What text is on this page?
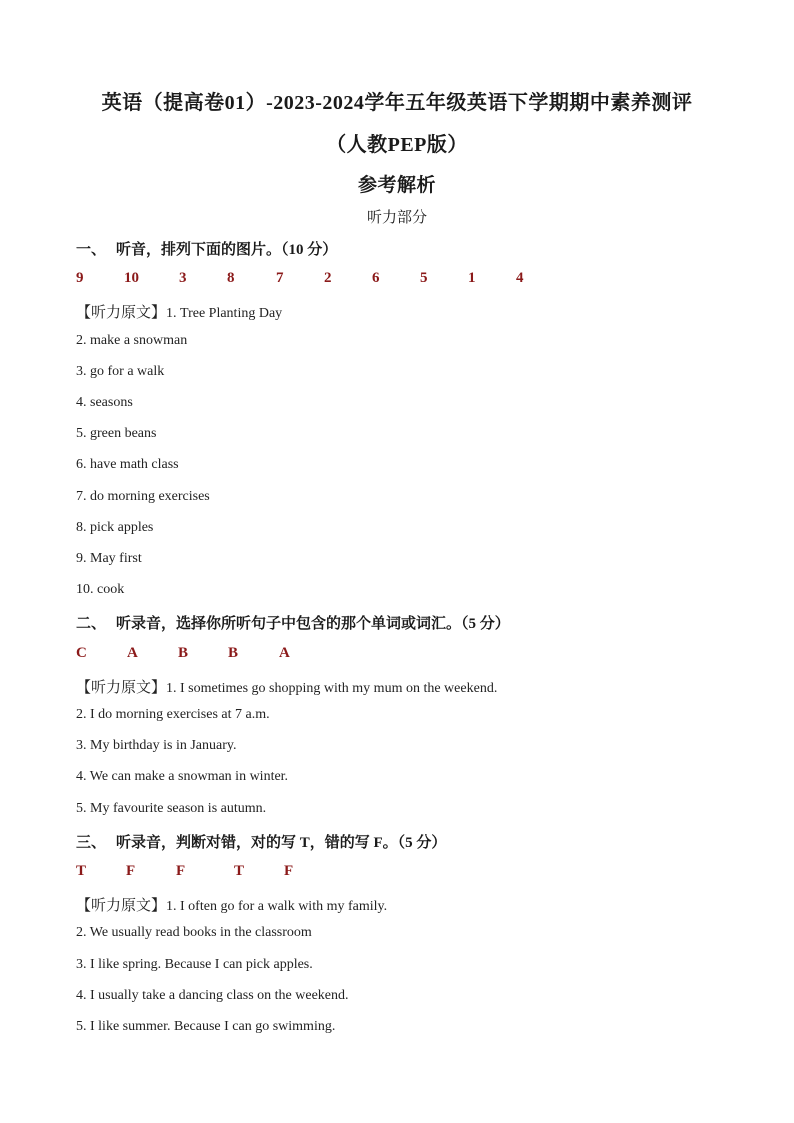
英语（提高卷01）-2023-2024学年五年级英语下学期期中素养测评
（人教PEP版）
参考解析
听力部分
一、 听音，排列下面的图片。（10 分）
9	10	3	8	7	2	6	5	1	4
【听力原文】1. Tree Planting Day
2. make a snowman
3. go for a walk
4. seasons
5. green beans
6. have math class
7. do morning exercises
8. pick apples
9. May first
10. cook
二、 听录音，选择你所听句子中包含的那个单词或词汇。（5 分）
C	A	B	B	A
【听力原文】1. I sometimes go shopping with my mum on the weekend.
2. I do morning exercises at 7 a.m.
3. My birthday is in January.
4. We can make a snowman in winter.
5. My favourite season is autumn.
三、 听录音，判断对错，对的写 T，错的写 F。（5 分）
T	F	F	T	F
【听力原文】1. I often go for a walk with my family.
2. We usually read books in the classroom
3. I like spring. Because I can pick apples.
4. I usually take a dancing class on the weekend.
5. I like summer. Because I can go swimming.
